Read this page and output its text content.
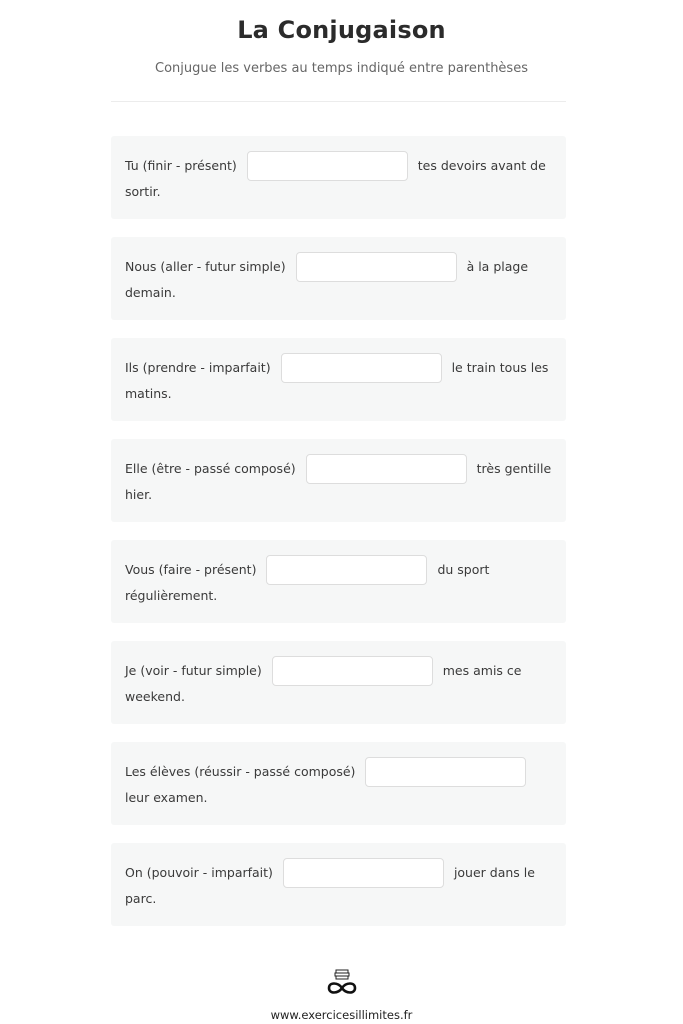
La Conjugaison

Conjugue les verbes au temps indiqué entre parenthèses

Tu (finir - présent)	tes devoirs avant de
sortir.
Nous (aller - futur simple)	à la plage
demain.
Ils (prendre - imparfait)	le train tous les
matins.
Elle (être - passé composé)	très gentille
hier.
Vous (faire - présent)	du sport
régulièrement.
Je (voir - futur simple)	mes amis ce
weekend.
Les élèves (réussir - passé composé)
leur examen.
On (pouvoir - imparfait)	jouer dans le
parc.
www.exercicesillimites.fr
